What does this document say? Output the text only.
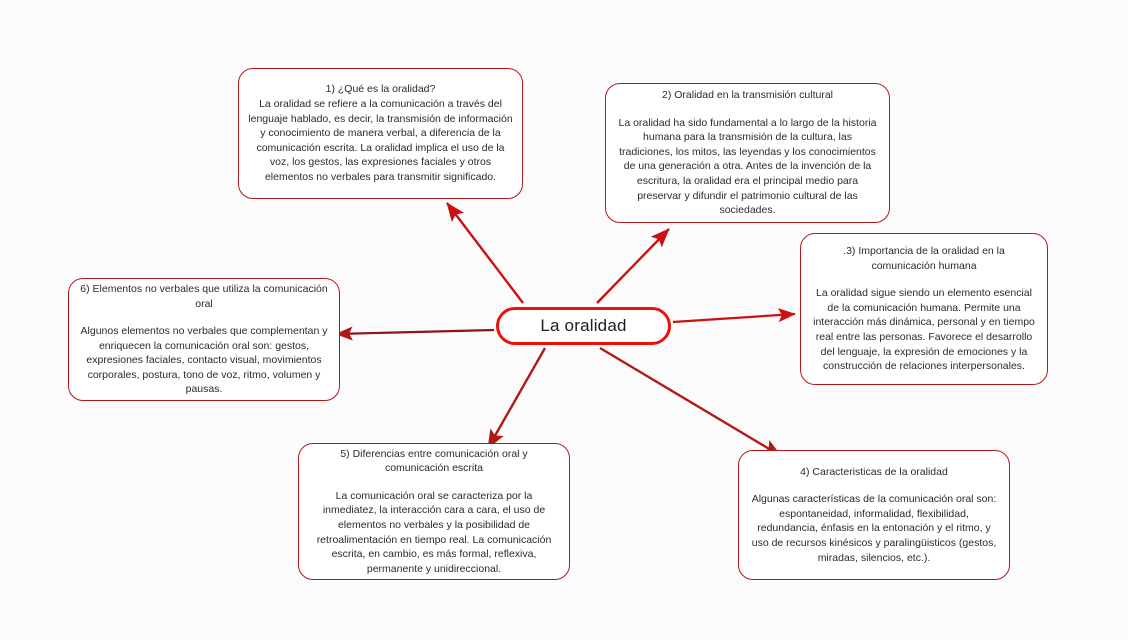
1) ¿Qué es la oralidad?

La oralidad se refiere a la comunicación a través del lenguaje hablado, es decir, la transmisión de información y conocimiento de manera verbal, a diferencia de la comunicación escrita. La oralidad implica el uso de la voz, los gestos, las expresiones faciales y otros elementos no verbales para transmitir significado.

2) Oralidad en la transmisión cultural

La oralidad ha sido fundamental a lo largo de la historia humana para la transmisión de la cultura, las tradiciones, los mitos, las leyendas y los conocimientos de una generación a otra. Antes de la invención de la escritura, la oralidad era el principal medio para preservar y difundir el patrimonio cultural de las sociedades.

.3) Importancia de la oralidad en la comunicación humana

La oralidad sigue siendo un elemento esencial de la comunicación humana. Permite una interacción más dinámica, personal y en tiempo real entre las personas. Favorece el desarrollo del lenguaje, la expresión de emociones y la construcción de relaciones interpersonales.

4) Caracteristicas de la oralidad

Algunas características de la comunicación oral son: espontaneidad, informalidad, flexibilidad, redundancia, énfasis en la entonación y el ritmo, y uso de recursos kinésicos y paralingüisticos (gestos, miradas, silencios, etc.).

5) Diferencias entre comunicación oral y comunicación escrita

La comunicación oral se caracteriza por la inmediatez, la interacción cara a cara, el uso de elementos no verbales y la posibilidad de retroalimentación en tiempo real. La comunicación escrita, en cambio, es más formal, reflexiva, permanente y unidireccional.

6) Elementos no verbales que utiliza la comunicación oral

Algunos elementos no verbales que complementan y enriquecen la comunicación oral son: gestos, expresiones faciales, contacto visual, movimientos corporales, postura, tono de voz, ritmo, volumen y pausas.

La oralidad
